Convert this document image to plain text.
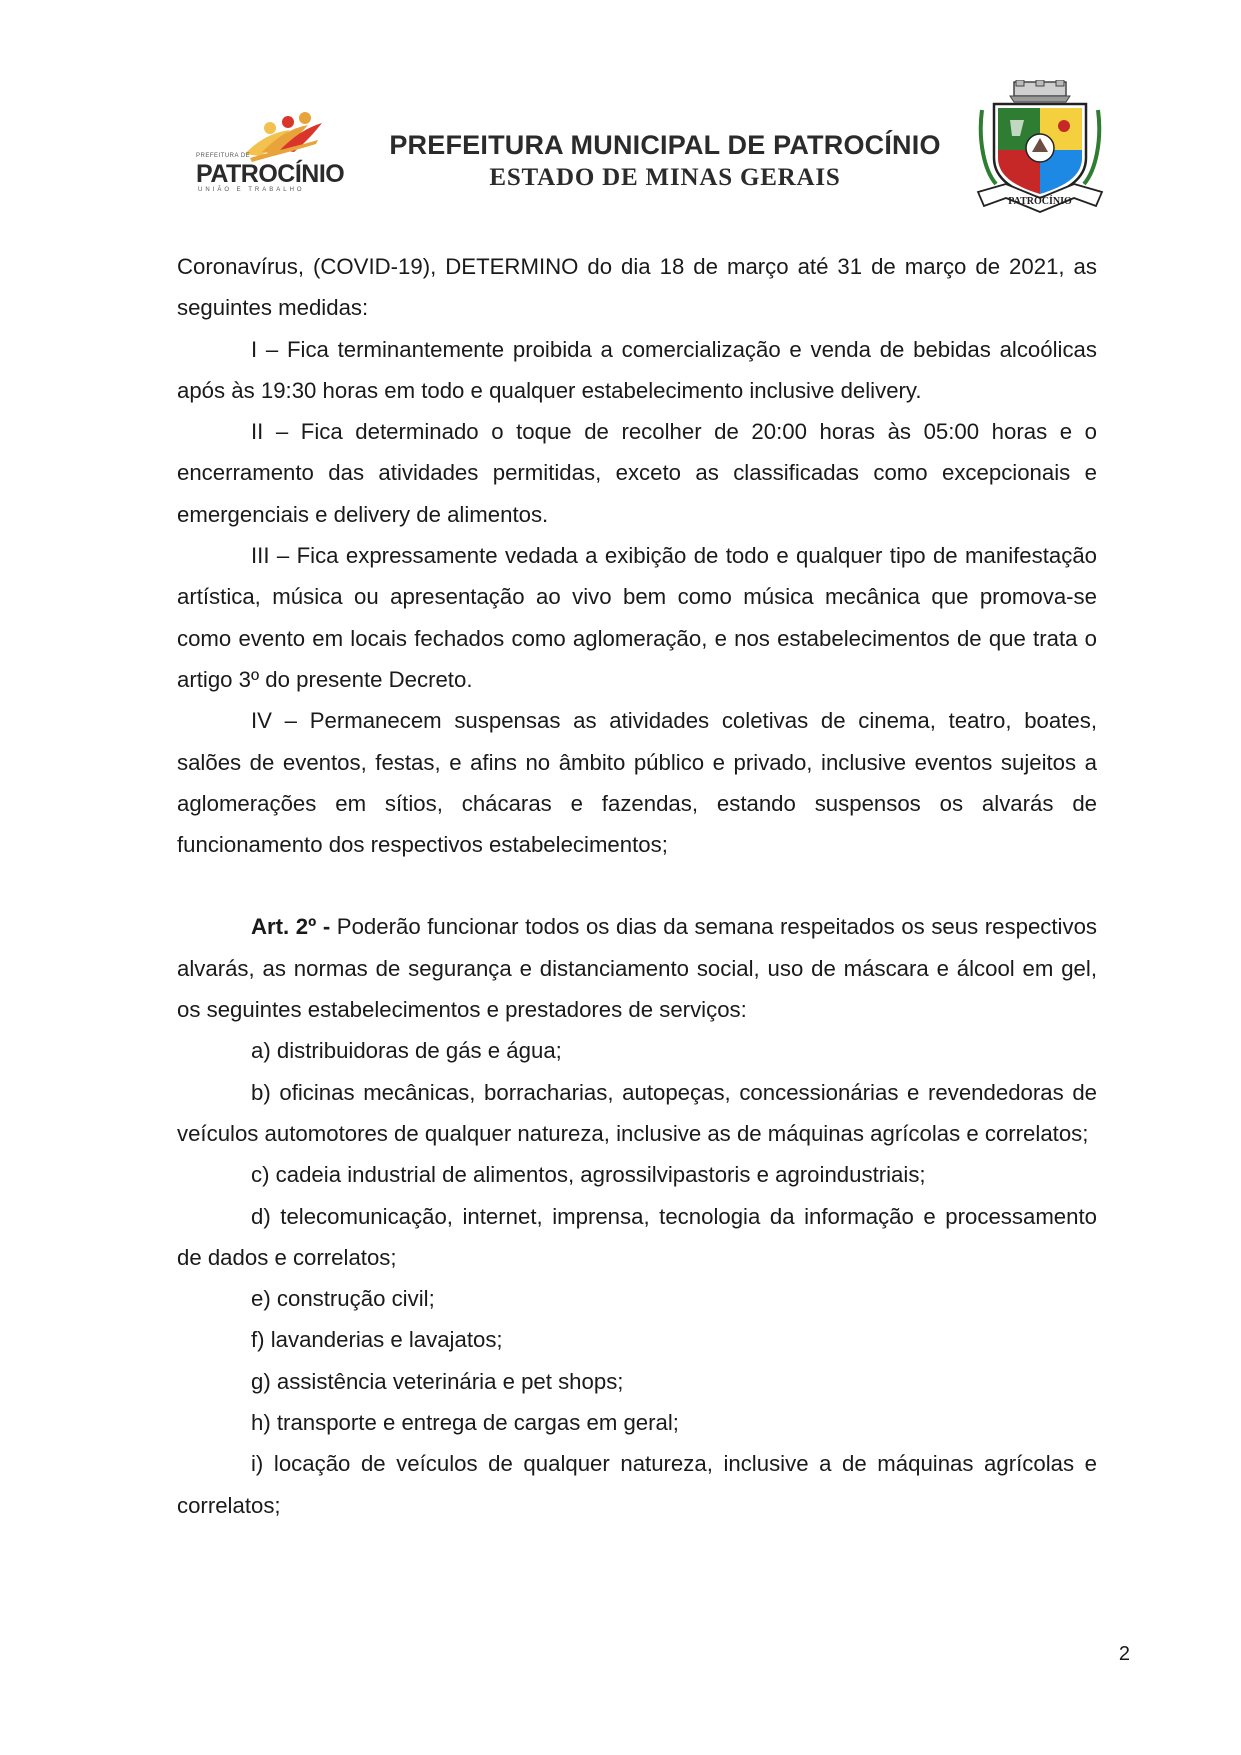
PREFEITURA DE
PATROCÍNIO
UNIÃO E TRABALHO
PREFEITURA MUNICIPAL DE PATROCÍNIO
ESTADO DE MINAS GERAIS
PATROCÍNIO

Coronavírus, (COVID-19), DETERMINO do dia 18 de março até 31 de março de 2021, as seguintes medidas:

I – Fica terminantemente proibida a comercialização e venda de bebidas alcoólicas após às 19:30 horas em todo e qualquer estabelecimento inclusive delivery.

II – Fica determinado o toque de recolher de 20:00 horas às 05:00 horas e o encerramento das atividades permitidas, exceto as classificadas como excepcionais e emergenciais e delivery de alimentos.

III – Fica expressamente vedada a exibição de todo e qualquer tipo de manifestação artística, música ou apresentação ao vivo bem como música mecânica que promova-se como evento em locais fechados como aglomeração, e nos estabelecimentos de que trata o artigo 3º do presente Decreto.

IV – Permanecem suspensas as atividades coletivas de cinema, teatro, boates, salões de eventos, festas, e afins no âmbito público e privado, inclusive eventos sujeitos a aglomerações em sítios, chácaras e fazendas, estando suspensos os alvarás de funcionamento dos respectivos estabelecimentos;

Art. 2º - Poderão funcionar todos os dias da semana respeitados os seus respectivos alvarás, as normas de segurança e distanciamento social, uso de máscara e álcool em gel, os seguintes estabelecimentos e prestadores de serviços:

a) distribuidoras de gás e água;

b) oficinas mecânicas, borracharias, autopeças, concessionárias e revendedoras de veículos automotores de qualquer natureza, inclusive as de máquinas agrícolas e correlatos;

c) cadeia industrial de alimentos, agrossilvipastoris e agroindustriais;

d) telecomunicação, internet, imprensa, tecnologia da informação e processamento de dados e correlatos;

e) construção civil;

f) lavanderias e lavajatos;

g) assistência veterinária e pet shops;

h) transporte e entrega de cargas em geral;

i) locação de veículos de qualquer natureza, inclusive a de máquinas agrícolas e correlatos;

2
